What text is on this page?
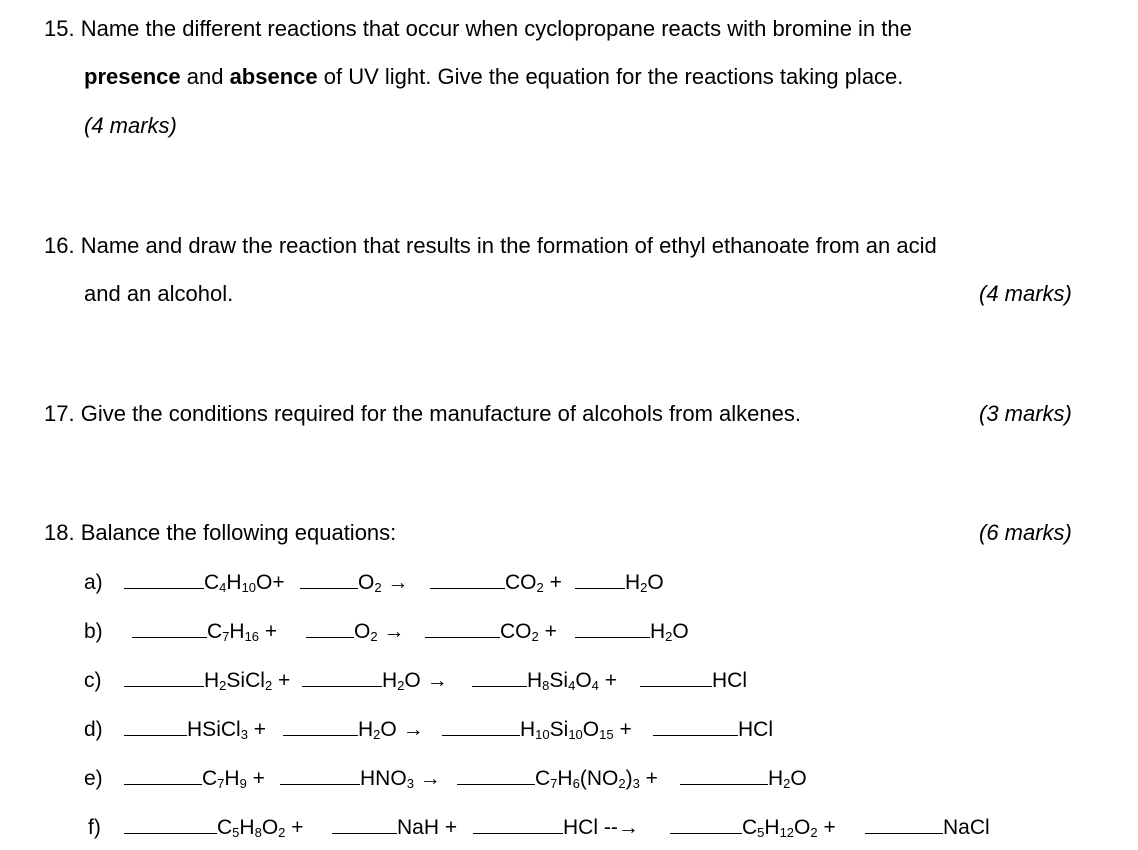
15. Name the different reactions that occur when cyclopropane reacts with bromine in the
presence and absence of UV light. Give the equation for the reactions taking place.
(4 marks)
16. Name and draw the reaction that results in the formation of ethyl ethanoate from an acid
and an alcohol.	(4 marks)
17. Give the conditions required for the manufacture of alcohols from alkenes.	(3 marks)
18. Balance the following equations:	(6 marks)
a)	$C_4H_{10}O+$	$O_2$ →	$CO_2$ +	$H_2O$
b)	$C_7H_{16}$ +	$O_2$ →	$CO_2$ +	$H_2O$
c)	$H_2SiCl_2$ +	$H_2O$ →	$H_8Si_4O_4$ +	HCl
d)	HSiCl$_3$ +	$H_2O$ →	$H_{10}Si_{10}O_{15}$ +	HCl
e)	$C_7H_9$ +	$HNO_3$ →	$C_7H_6(NO_2)_3$ +	$H_2O$
f)	$C_5H_8O_2$ +	NaH +	HCl --→	$C_5H_{12}O_2$ +	NaCl
